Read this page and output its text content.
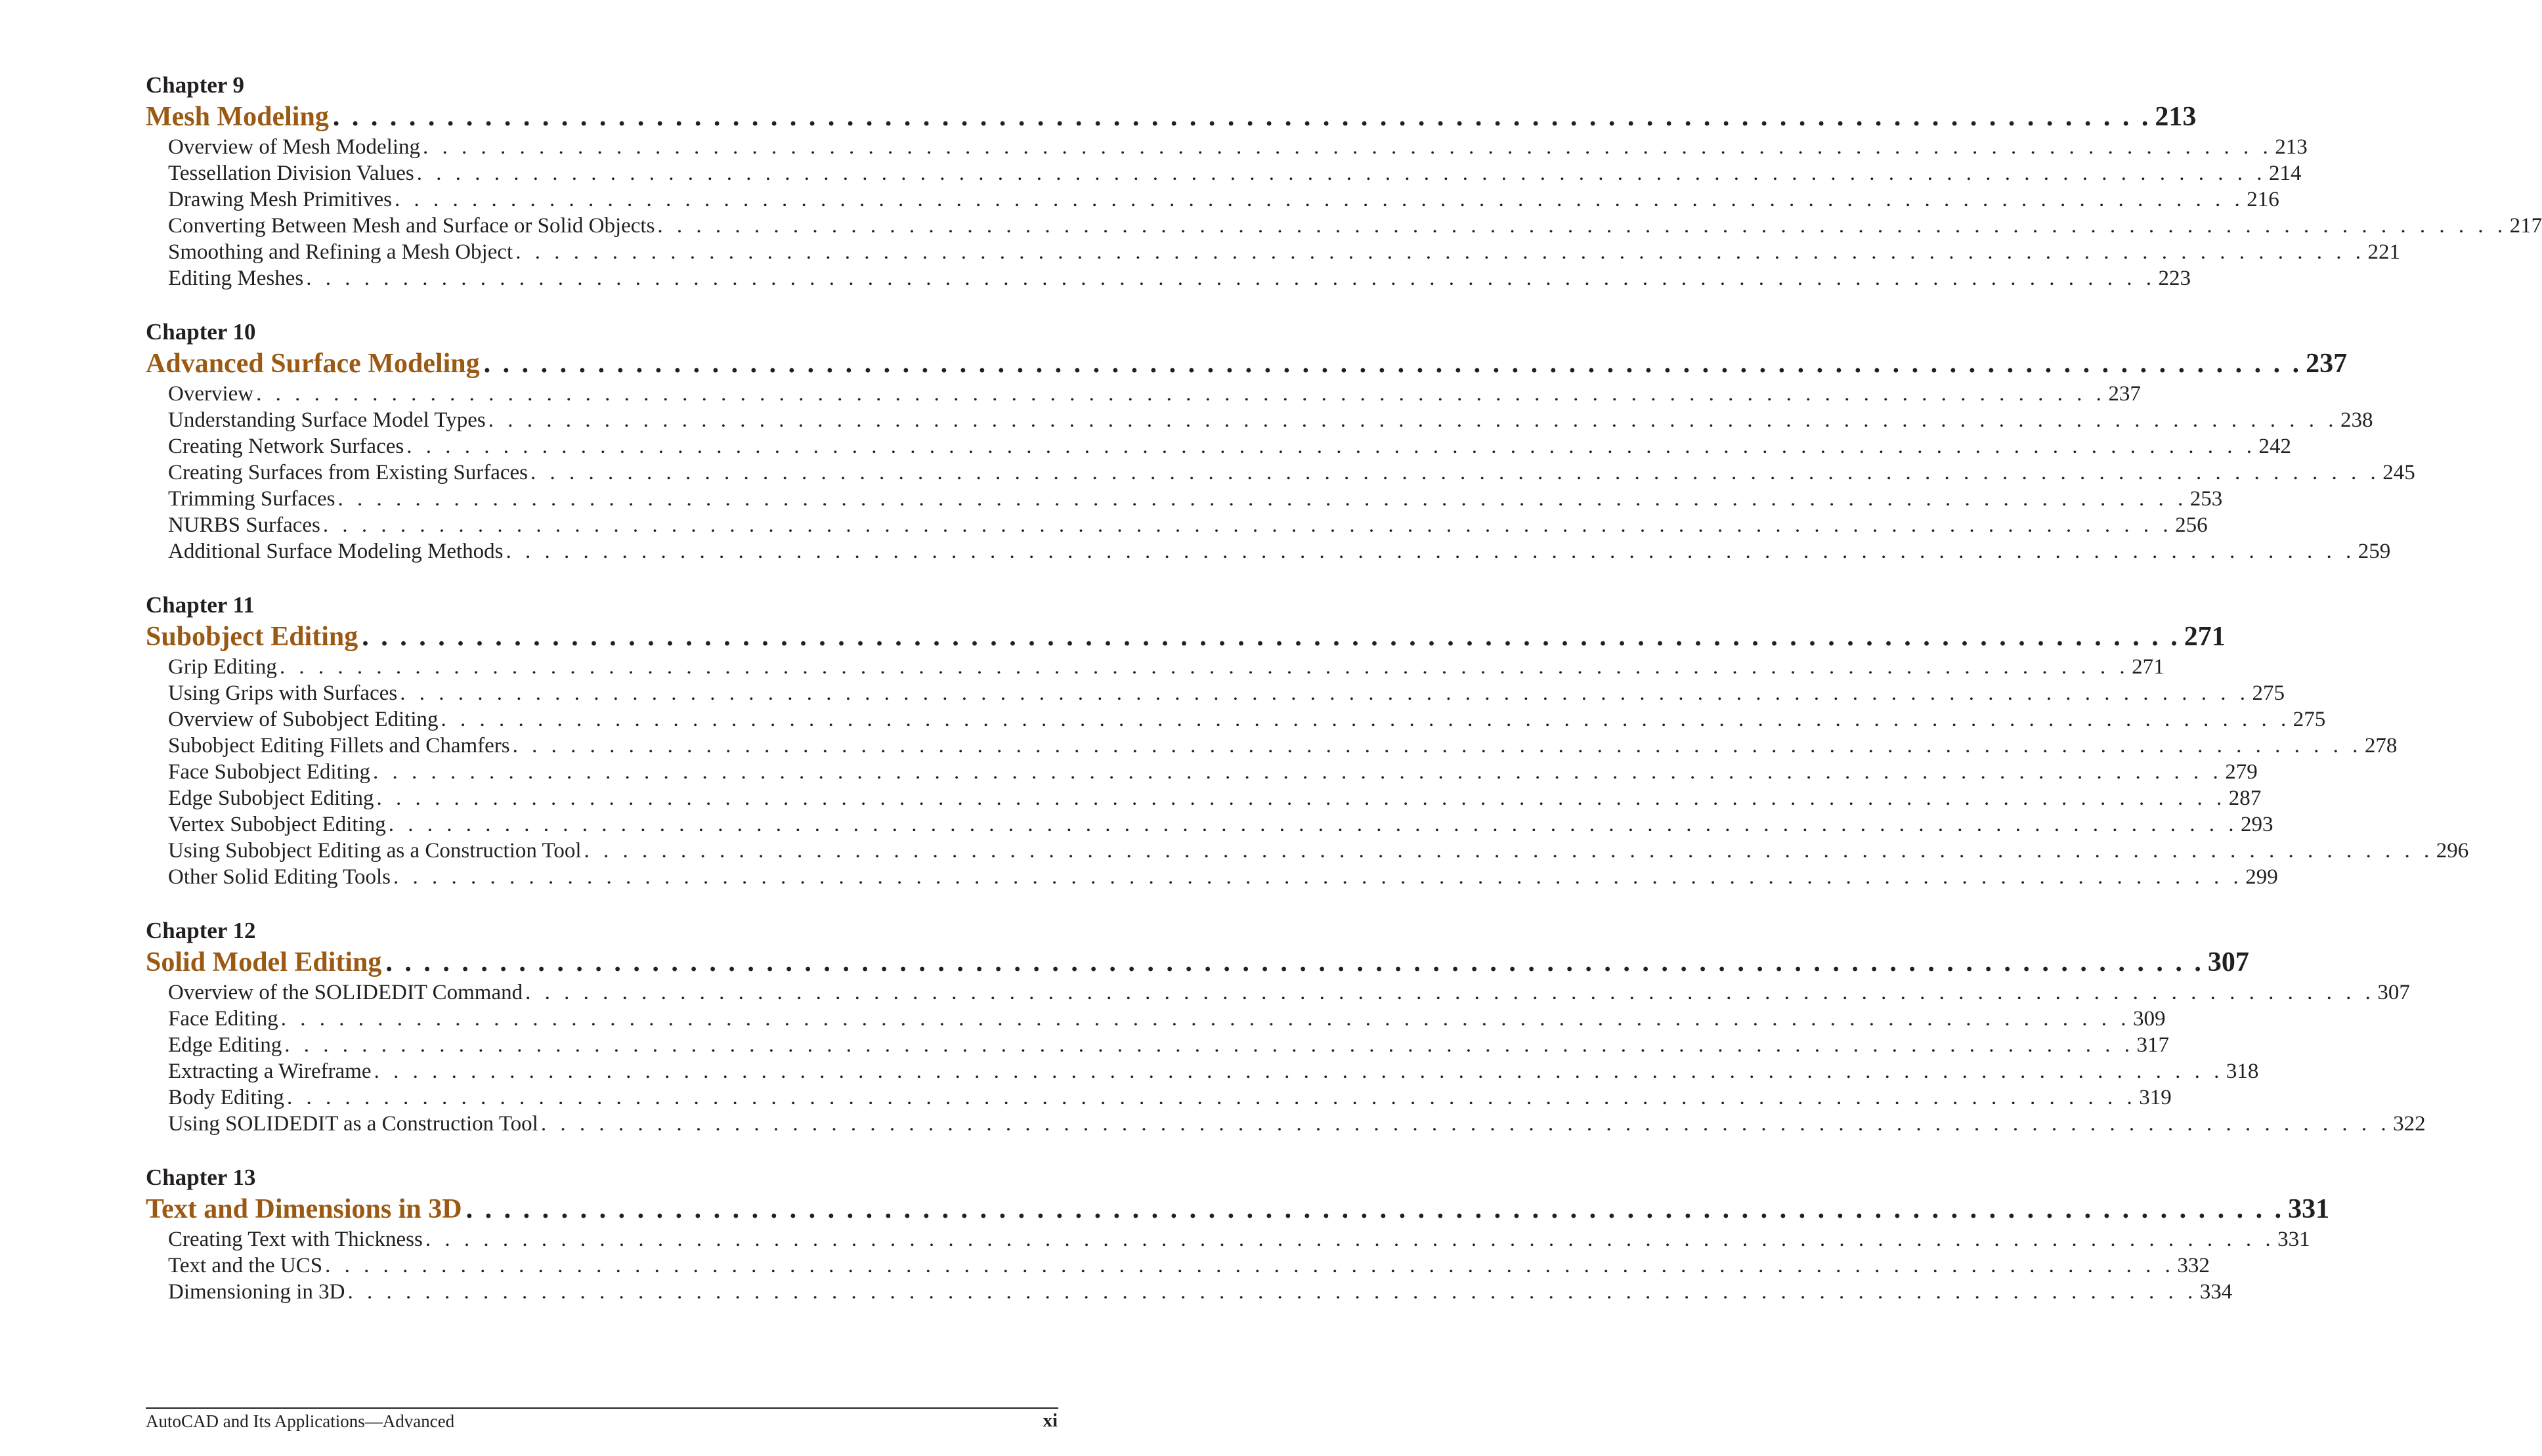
Chapter 9
Mesh Modeling . . . . . . . . . . . . . . . . . . . . . . . . . . . . . . . . . . . . . . . . . . . . . . . . . . . . . . . . . . . . . . . . . . . . . . . . . . . . . . . . . . . . . . . . . . . . . . . . 213
Overview of Mesh Modeling . . . . . . . . . . . . . . . . . . . . . . . . . . . . . . . . . . . . . . . . . . . . . . . . . . . . . . . . . . . . . . . . . . . . . . . . . . . . . . . . . . . . . . . . . . . . . . . . 213
Tessellation Division Values . . . . . . . . . . . . . . . . . . . . . . . . . . . . . . . . . . . . . . . . . . . . . . . . . . . . . . . . . . . . . . . . . . . . . . . . . . . . . . . . . . . . . . . . . . . . . . . . 214
Drawing Mesh Primitives . . . . . . . . . . . . . . . . . . . . . . . . . . . . . . . . . . . . . . . . . . . . . . . . . . . . . . . . . . . . . . . . . . . . . . . . . . . . . . . . . . . . . . . . . . . . . . . . 216
Converting Between Mesh and Surface or Solid Objects . . . . . . . . . . . . . . . . . . . . . . . . . . . . . . . . . . . . . . . . . . . . . . . . . . . . . . . . . . . . . . . . . . . . . . . . . . . . . . . . . . . . . . . . . . . . . . . . 217
Smoothing and Refining a Mesh Object . . . . . . . . . . . . . . . . . . . . . . . . . . . . . . . . . . . . . . . . . . . . . . . . . . . . . . . . . . . . . . . . . . . . . . . . . . . . . . . . . . . . . . . . . . . . . . . . 221
Editing Meshes . . . . . . . . . . . . . . . . . . . . . . . . . . . . . . . . . . . . . . . . . . . . . . . . . . . . . . . . . . . . . . . . . . . . . . . . . . . . . . . . . . . . . . . . . . . . . . . . 223
Chapter 10
Advanced Surface Modeling . . . . . . . . . . . . . . . . . . . . . . . . . . . . . . . . . . . . . . . . . . . . . . . . . . . . . . . . . . . . . . . . . . . . . . . . . . . . . . . . . . . . . . . . . . . . . . . . 237
Overview . . . . . . . . . . . . . . . . . . . . . . . . . . . . . . . . . . . . . . . . . . . . . . . . . . . . . . . . . . . . . . . . . . . . . . . . . . . . . . . . . . . . . . . . . . . . . . . . 237
Understanding Surface Model Types . . . . . . . . . . . . . . . . . . . . . . . . . . . . . . . . . . . . . . . . . . . . . . . . . . . . . . . . . . . . . . . . . . . . . . . . . . . . . . . . . . . . . . . . . . . . . . . . 238
Creating Network Surfaces . . . . . . . . . . . . . . . . . . . . . . . . . . . . . . . . . . . . . . . . . . . . . . . . . . . . . . . . . . . . . . . . . . . . . . . . . . . . . . . . . . . . . . . . . . . . . . . . 242
Creating Surfaces from Existing Surfaces . . . . . . . . . . . . . . . . . . . . . . . . . . . . . . . . . . . . . . . . . . . . . . . . . . . . . . . . . . . . . . . . . . . . . . . . . . . . . . . . . . . . . . . . . . . . . . . . 245
Trimming Surfaces . . . . . . . . . . . . . . . . . . . . . . . . . . . . . . . . . . . . . . . . . . . . . . . . . . . . . . . . . . . . . . . . . . . . . . . . . . . . . . . . . . . . . . . . . . . . . . . . 253
NURBS Surfaces . . . . . . . . . . . . . . . . . . . . . . . . . . . . . . . . . . . . . . . . . . . . . . . . . . . . . . . . . . . . . . . . . . . . . . . . . . . . . . . . . . . . . . . . . . . . . . . . 256
Additional Surface Modeling Methods . . . . . . . . . . . . . . . . . . . . . . . . . . . . . . . . . . . . . . . . . . . . . . . . . . . . . . . . . . . . . . . . . . . . . . . . . . . . . . . . . . . . . . . . . . . . . . . . 259
Chapter 11
Subobject Editing . . . . . . . . . . . . . . . . . . . . . . . . . . . . . . . . . . . . . . . . . . . . . . . . . . . . . . . . . . . . . . . . . . . . . . . . . . . . . . . . . . . . . . . . . . . . . . . . 271
Grip Editing . . . . . . . . . . . . . . . . . . . . . . . . . . . . . . . . . . . . . . . . . . . . . . . . . . . . . . . . . . . . . . . . . . . . . . . . . . . . . . . . . . . . . . . . . . . . . . . . 271
Using Grips with Surfaces . . . . . . . . . . . . . . . . . . . . . . . . . . . . . . . . . . . . . . . . . . . . . . . . . . . . . . . . . . . . . . . . . . . . . . . . . . . . . . . . . . . . . . . . . . . . . . . . 275
Overview of Subobject Editing . . . . . . . . . . . . . . . . . . . . . . . . . . . . . . . . . . . . . . . . . . . . . . . . . . . . . . . . . . . . . . . . . . . . . . . . . . . . . . . . . . . . . . . . . . . . . . . . 275
Subobject Editing Fillets and Chamfers . . . . . . . . . . . . . . . . . . . . . . . . . . . . . . . . . . . . . . . . . . . . . . . . . . . . . . . . . . . . . . . . . . . . . . . . . . . . . . . . . . . . . . . . . . . . . . . . 278
Face Subobject Editing . . . . . . . . . . . . . . . . . . . . . . . . . . . . . . . . . . . . . . . . . . . . . . . . . . . . . . . . . . . . . . . . . . . . . . . . . . . . . . . . . . . . . . . . . . . . . . . . 279
Edge Subobject Editing . . . . . . . . . . . . . . . . . . . . . . . . . . . . . . . . . . . . . . . . . . . . . . . . . . . . . . . . . . . . . . . . . . . . . . . . . . . . . . . . . . . . . . . . . . . . . . . . 287
Vertex Subobject Editing . . . . . . . . . . . . . . . . . . . . . . . . . . . . . . . . . . . . . . . . . . . . . . . . . . . . . . . . . . . . . . . . . . . . . . . . . . . . . . . . . . . . . . . . . . . . . . . . 293
Using Subobject Editing as a Construction Tool . . . . . . . . . . . . . . . . . . . . . . . . . . . . . . . . . . . . . . . . . . . . . . . . . . . . . . . . . . . . . . . . . . . . . . . . . . . . . . . . . . . . . . . . . . . . . . . . 296
Other Solid Editing Tools . . . . . . . . . . . . . . . . . . . . . . . . . . . . . . . . . . . . . . . . . . . . . . . . . . . . . . . . . . . . . . . . . . . . . . . . . . . . . . . . . . . . . . . . . . . . . . . . 299
Chapter 12
Solid Model Editing . . . . . . . . . . . . . . . . . . . . . . . . . . . . . . . . . . . . . . . . . . . . . . . . . . . . . . . . . . . . . . . . . . . . . . . . . . . . . . . . . . . . . . . . . . . . . . . . 307
Overview of the SOLIDEDIT Command . . . . . . . . . . . . . . . . . . . . . . . . . . . . . . . . . . . . . . . . . . . . . . . . . . . . . . . . . . . . . . . . . . . . . . . . . . . . . . . . . . . . . . . . . . . . . . . . 307
Face Editing . . . . . . . . . . . . . . . . . . . . . . . . . . . . . . . . . . . . . . . . . . . . . . . . . . . . . . . . . . . . . . . . . . . . . . . . . . . . . . . . . . . . . . . . . . . . . . . . 309
Edge Editing . . . . . . . . . . . . . . . . . . . . . . . . . . . . . . . . . . . . . . . . . . . . . . . . . . . . . . . . . . . . . . . . . . . . . . . . . . . . . . . . . . . . . . . . . . . . . . . . 317
Extracting a Wireframe . . . . . . . . . . . . . . . . . . . . . . . . . . . . . . . . . . . . . . . . . . . . . . . . . . . . . . . . . . . . . . . . . . . . . . . . . . . . . . . . . . . . . . . . . . . . . . . . 318
Body Editing . . . . . . . . . . . . . . . . . . . . . . . . . . . . . . . . . . . . . . . . . . . . . . . . . . . . . . . . . . . . . . . . . . . . . . . . . . . . . . . . . . . . . . . . . . . . . . . . 319
Using SOLIDEDIT as a Construction Tool . . . . . . . . . . . . . . . . . . . . . . . . . . . . . . . . . . . . . . . . . . . . . . . . . . . . . . . . . . . . . . . . . . . . . . . . . . . . . . . . . . . . . . . . . . . . . . . . 322
Chapter 13
Text and Dimensions in 3D . . . . . . . . . . . . . . . . . . . . . . . . . . . . . . . . . . . . . . . . . . . . . . . . . . . . . . . . . . . . . . . . . . . . . . . . . . . . . . . . . . . . . . . . . . . . . . . . 331
Creating Text with Thickness . . . . . . . . . . . . . . . . . . . . . . . . . . . . . . . . . . . . . . . . . . . . . . . . . . . . . . . . . . . . . . . . . . . . . . . . . . . . . . . . . . . . . . . . . . . . . . . . 331
Text and the UCS . . . . . . . . . . . . . . . . . . . . . . . . . . . . . . . . . . . . . . . . . . . . . . . . . . . . . . . . . . . . . . . . . . . . . . . . . . . . . . . . . . . . . . . . . . . . . . . . 332
Dimensioning in 3D . . . . . . . . . . . . . . . . . . . . . . . . . . . . . . . . . . . . . . . . . . . . . . . . . . . . . . . . . . . . . . . . . . . . . . . . . . . . . . . . . . . . . . . . . . . . . . . . 334
AutoCAD and Its Applications—Advanced	xi
